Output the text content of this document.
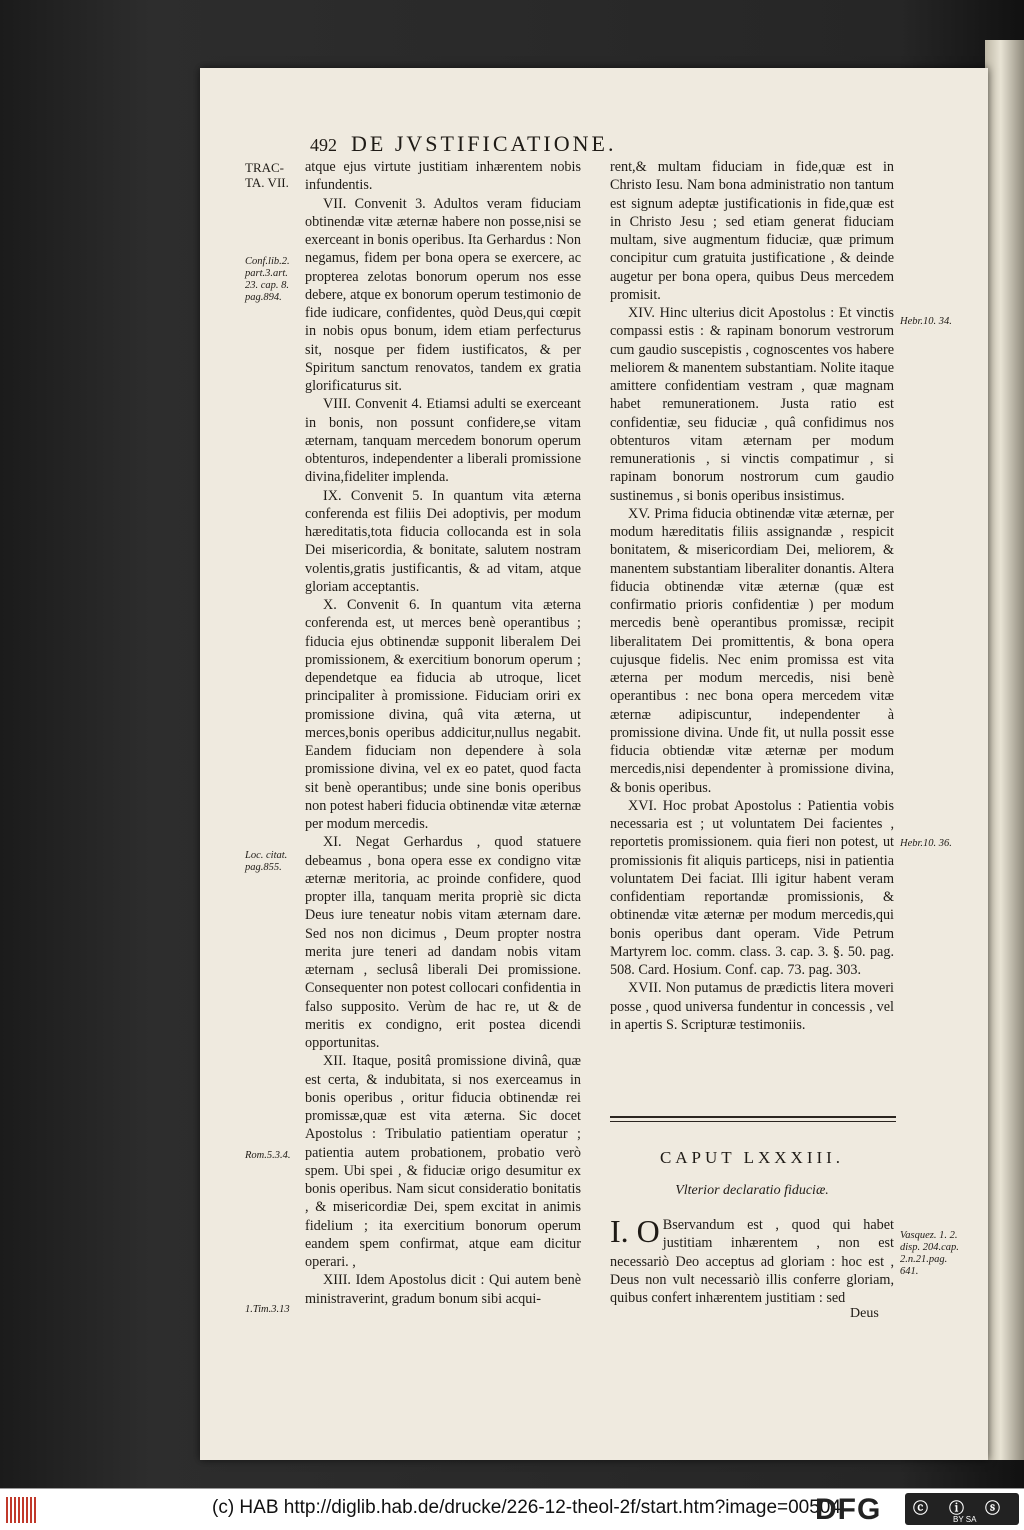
492 DE JVSTIFICATIONE.
TRAC-TA. VII.
Conf.lib.2. part.3.art. 23. cap. 8. pag.894.
Loc. citat. pag.855.
Rom.5.3.4.
1.Tim.3.13
Hebr.10. 34.
Hebr.10. 36.
Vasquez. 1. 2. disp. 204.cap. 2.n.21.pag. 641.

atque ejus virtute justitiam inhærentem nobis infundentis.

VII. Convenit 3. Adultos veram fiduciam obtinendæ vitæ æternæ habere non posse,nisi se exerceant in bonis operibus. Ita Gerhardus : Non negamus, fidem per bona opera se exercere, ac propterea zelotas bonorum operum nos esse debere, atque ex bonorum operum testimonio de fide iudicare, confidentes, quòd Deus,qui cœpit in nobis opus bonum, idem etiam perfecturus sit, nosque per fidem iustificatos, & per Spiritum sanctum renovatos, tandem ex gratia glorificaturus sit.

VIII. Convenit 4. Etiamsi adulti se exerceant in bonis, non possunt confidere,se vitam æternam, tanquam mercedem bonorum operum obtenturos, independenter a liberali promissione divina,fideliter implenda.

IX. Convenit 5. In quantum vita æterna conferenda est filiis Dei adoptivis, per modum hæreditatis,tota fiducia collocanda est in sola Dei misericordia, & bonitate, salutem nostram volentis,gratis justificantis, & ad vitam, atque gloriam acceptantis.

X. Convenit 6. In quantum vita æterna conferenda est, ut merces benè operantibus ; fiducia ejus obtinendæ supponit liberalem Dei promissionem, & exercitium bonorum operum ; dependetque ea fiducia ab utroque, licet principaliter à promissione. Fiduciam oriri ex promissione divina, quâ vita æterna, ut merces,bonis operibus addicitur,nullus negabit. Eandem fiduciam non dependere à sola promissione divina, vel ex eo patet, quod facta sit benè operantibus; unde sine bonis operibus non potest haberi fiducia obtinendæ vitæ æternæ per modum mercedis.

XI. Negat Gerhardus , quod statuere debeamus , bona opera esse ex condigno vitæ æternæ meritoria, ac proinde confidere, quod propter illa, tanquam merita propriè sic dicta Deus iure teneatur nobis vitam æternam dare. Sed nos non dicimus , Deum propter nostra merita jure teneri ad dandam nobis vitam æternam , seclusâ liberali Dei promissione. Consequenter non potest collocari confidentia in falso supposito. Verùm de hac re, ut & de meritis ex condigno, erit postea dicendi opportunitas.

XII. Itaque, positâ promissione divinâ, quæ est certa, & indubitata, si nos exerceamus in bonis operibus , oritur fiducia obtinendæ rei promissæ,quæ est vita æterna. Sic docet Apostolus : Tribulatio patientiam operatur ; patientia autem probationem, probatio verò spem. Ubi spei , & fiduciæ origo desumitur ex bonis operibus. Nam sicut consideratio bonitatis , & misericordiæ Dei, spem excitat in animis fidelium ; ita exercitium bonorum operum eandem spem confirmat, atque eam dicitur operari. ,

XIII. Idem Apostolus dicit : Qui autem benè ministraverint, gradum bonum sibi acqui-

rent,& multam fiduciam in fide,quæ est in Christo Iesu. Nam bona administratio non tantum est signum adeptæ justificationis in fide,quæ est in Christo Jesu ; sed etiam generat fiduciam multam, sive augmentum fiduciæ, quæ primum concipitur cum gratuita justificatione , & deinde augetur per bona opera, quibus Deus mercedem promisit.

XIV. Hinc ulterius dicit Apostolus : Et vinctis compassi estis : & rapinam bonorum vestrorum cum gaudio suscepistis , cognoscentes vos habere meliorem & manentem substantiam. Nolite itaque amittere confidentiam vestram , quæ magnam habet remunerationem. Justa ratio est confidentiæ, seu fiduciæ , quâ confidimus nos obtenturos vitam æternam per modum remunerationis , si vinctis compatimur , si rapinam bonorum nostrorum cum gaudio sustinemus , si bonis operibus insistimus.

XV. Prima fiducia obtinendæ vitæ æternæ, per modum hæreditatis filiis assignandæ , respicit bonitatem, & misericordiam Dei, meliorem, & manentem substantiam liberaliter donantis. Altera fiducia obtinendæ vitæ æternæ (quæ est confirmatio prioris confidentiæ ) per modum mercedis benè operantibus promissæ, recipit liberalitatem Dei promittentis, & bona opera cujusque fidelis. Nec enim promissa est vita æterna per modum mercedis, nisi benè operantibus : nec bona opera mercedem vitæ æternæ adipiscuntur, independenter à promissione divina. Unde fit, ut nulla possit esse fiducia obtiendæ vitæ æternæ per modum mercedis,nisi dependenter à promissione divina, & bonis operibus.

XVI. Hoc probat Apostolus : Patientia vobis necessaria est ; ut voluntatem Dei facientes , reportetis promissionem. quia fieri non potest, ut promissionis fit aliquis particeps, nisi in patientia voluntatem Dei faciat. Illi igitur habent veram confidentiam reportandæ promissionis, & obtinendæ vitæ æternæ per modum mercedis,qui bonis operibus dant operam. Vide Petrum Martyrem loc. comm. class. 3. cap. 3. §. 50. pag. 508. Card. Hosium. Conf. cap. 73. pag. 303.

XVII. Non putamus de prædictis litera moveri posse , quod universa fundentur in concessis , vel in apertis S. Scripturæ testimoniis.

CAPUT LXXXIII.
Vlterior declaratio fiduciæ.
I. O Bservandum est , quod qui habet justitiam inhærentem , non est necessariò Deo acceptus ad gloriam : hoc est , Deus non vult necessariò illis conferre gloriam, quibus confert inhærentem justitiam : sed
Deus
(c) HAB http://diglib.hab.de/drucke/226-12-theol-2f/start.htm?image=00504
DFG ⓒ ⓘ ⓢ
BY SA
